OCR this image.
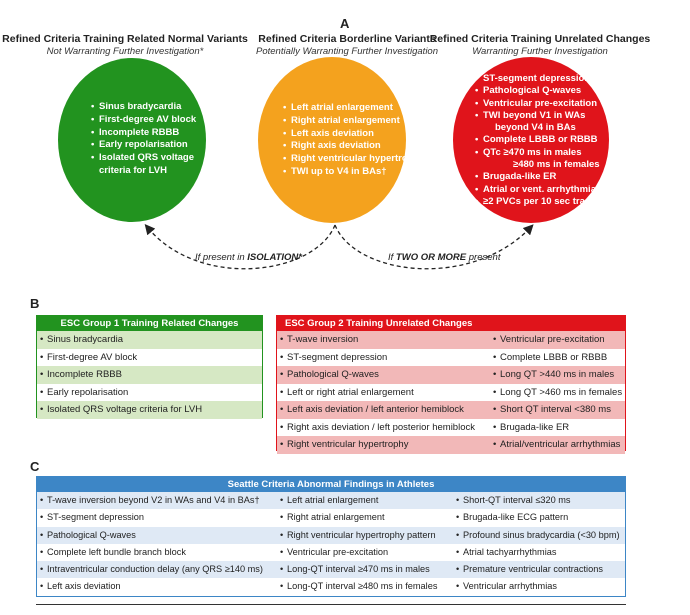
A
Refined Criteria Training Related Normal Variants
Not Warranting Further Investigation*
Refined Criteria Borderline Variants
Potentially Warranting Further Investigation
Refined Criteria Training Unrelated Changes
Warranting Further Investigation
• Sinus bradycardia
• First-degree AV block
• Incomplete RBBB
• Early repolarisation
• Isolated QRS voltage
criteria for LVH
• Left atrial enlargement
• Right atrial enlargement
• Left axis deviation
• Right axis deviation
• Right ventricular hypertrophy
• TWI up to V4 in BAs†
• ST-segment depression
• Pathological Q-waves
• Ventricular pre-excitation
• TWI beyond V1 in WAs
beyond V4 in BAs
• Complete LBBB or RBBB
• QTc ≥470 ms in males
≥480 ms in females
• Brugada-like ER
• Atrial or vent. arrhythmias
• ≥2 PVCs per 10 sec tracing
If present in ISOLATION*	If TWO OR MORE present
B
ESC Group 1 Training Related Changes
• Sinus bradycardia
• First-degree AV block
• Incomplete RBBB
• Early repolarisation
• Isolated QRS voltage criteria for LVH
ESC Group 2 Training Unrelated Changes
• T-wave inversion	• Ventricular pre-excitation
• ST-segment depression	• Complete LBBB or RBBB
• Pathological Q-waves	• Long QT >440 ms in males
• Left or right atrial enlargement	• Long QT >460 ms in females
• Left axis deviation / left anterior hemiblock	• Short QT interval <380 ms
• Right axis deviation / left posterior hemiblock	• Brugada-like ER
• Right ventricular hypertrophy	• Atrial/ventricular arrhythmias
C
Seattle Criteria Abnormal Findings in Athletes
• T-wave inversion beyond V2 in WAs and V4 in BAs†	• Left atrial enlargement	• Short-QT interval ≤320 ms
• ST-segment depression	• Right atrial enlargement	• Brugada-like ECG pattern
• Pathological Q-waves	• Right ventricular hypertrophy pattern	• Profound sinus bradycardia (<30 bpm)
• Complete left bundle branch block	• Ventricular pre-excitation	• Atrial tachyarrhythmias
• Intraventricular conduction delay (any QRS ≥140 ms)	• Long-QT interval ≥470 ms in males	• Premature ventricular contractions
• Left axis deviation	• Long-QT interval ≥480 ms in females	• Ventricular arrhythmias
